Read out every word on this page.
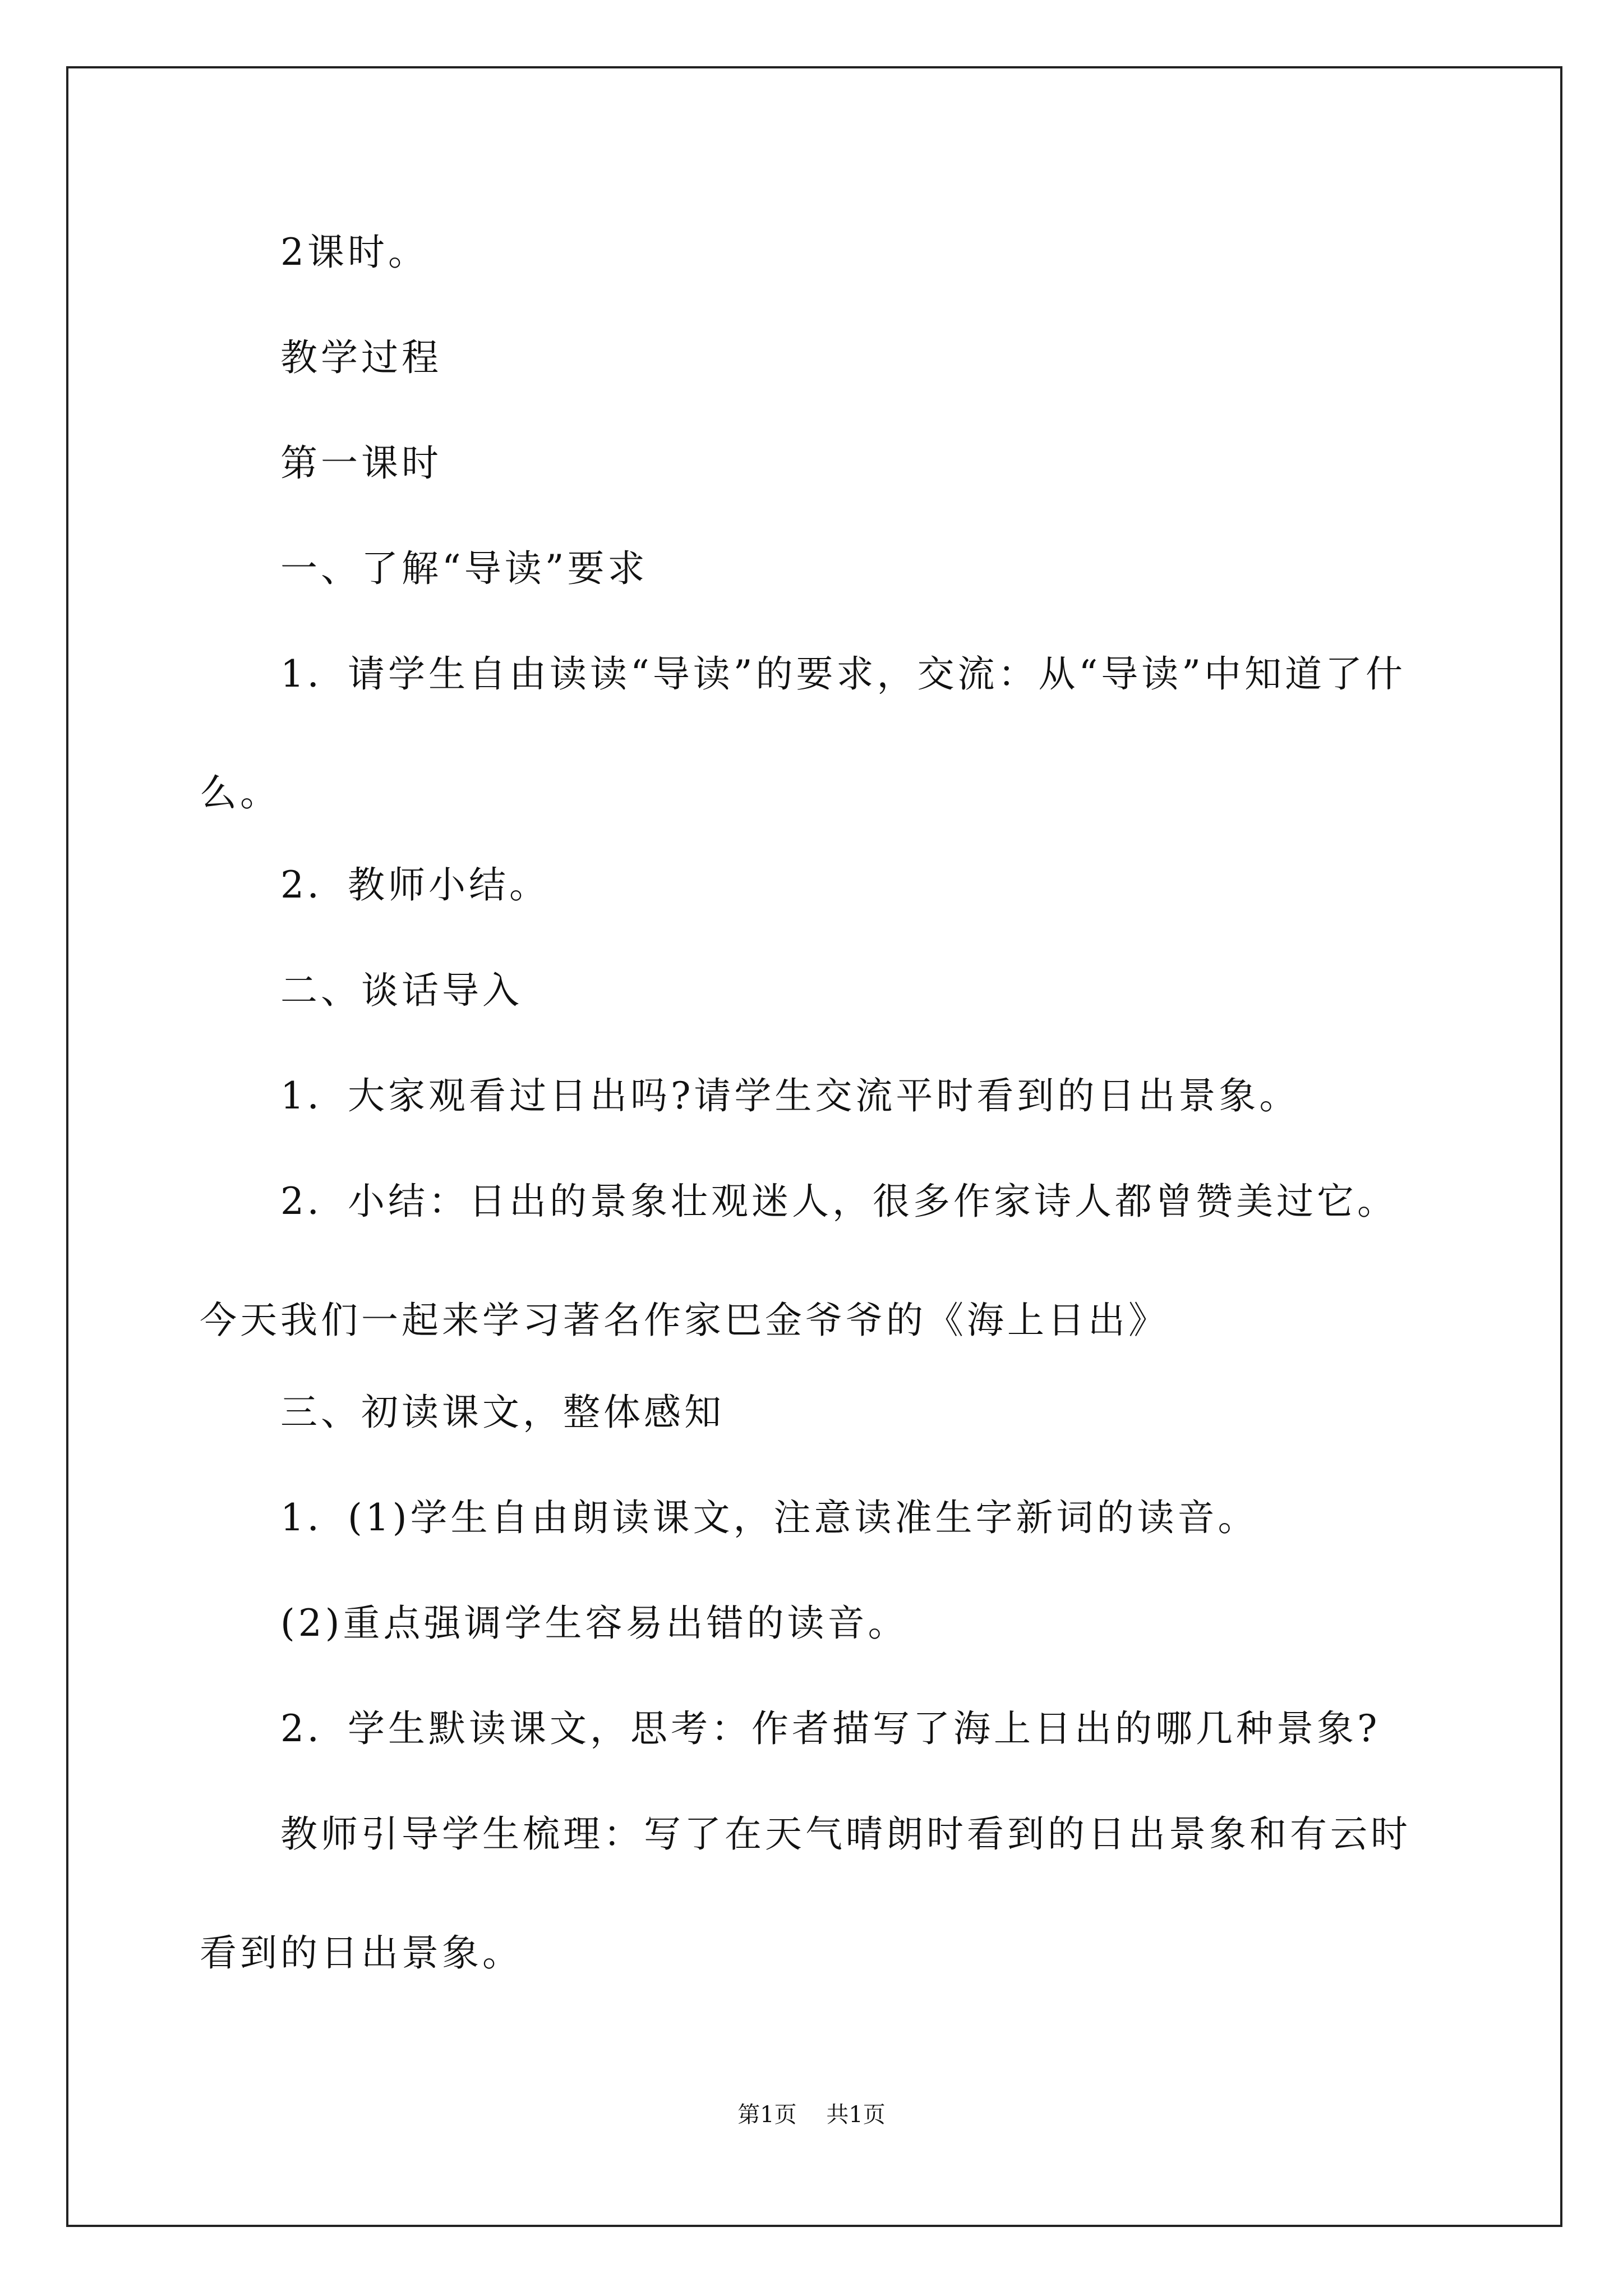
2课时。
教学过程
第一课时
一、了解“导读”要求
1．请学生自由读读“导读”的要求，交流：从“导读”中知道了什么。
2．教师小结。
二、谈话导入
1．大家观看过日出吗?请学生交流平时看到的日出景象。
2．小结：日出的景象壮观迷人，很多作家诗人都曾赞美过它。今天我们一起来学习著名作家巴金爷爷的《海上日出》
三、初读课文，整体感知
1．(1)学生自由朗读课文，注意读准生字新词的读音。
(2)重点强调学生容易出错的读音。
2．学生默读课文，思考：作者描写了海上日出的哪几种景象?
教师引导学生梳理：写了在天气晴朗时看到的日出景象和有云时看到的日出景象。
第1页 共1页
